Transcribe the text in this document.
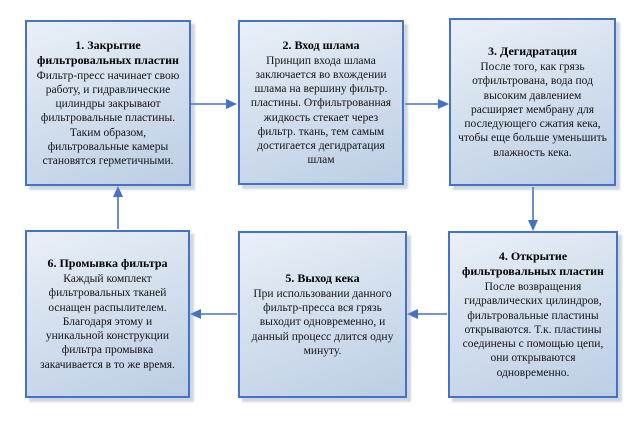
1. Закрытие фильтровальных пластин
Фильтр-пресс начинает свою работу, и гидравлические цилиндры закрывают фильтровальные пластины. Таким образом, фильтровальные камеры становятся герметичными.
2. Вход шлама
Принцип входа шлама заключается во вхождении шлама на вершину фильтр. пластины. Отфильтрованная жидкость стекает через фильтр. ткань, тем самым достигается дегидратация шлам
3. Дегидратация
После того, как грязь отфильтрована, вода под высоким давлением расширяет мембрану для последующего сжатия кека, чтобы еще больше уменьшить влажность кека.
4. Открытие фильтровальных пластин
После возвращения гидравлических цилиндров, фильтровальные пластины открываются. Т.к. пластины соединены с помощью цепи, они открываются одновременно.
5. Выход кека
При использовании данного фильтр-пресса вся грязь выходит одновременно, и данный процесс длится одну минуту.
6. Промывка фильтра
Каждый комплект фильтровальных тканей оснащен распылителем. Благодаря этому и уникальной конструкции фильтра промывка закачивается в то же время.
